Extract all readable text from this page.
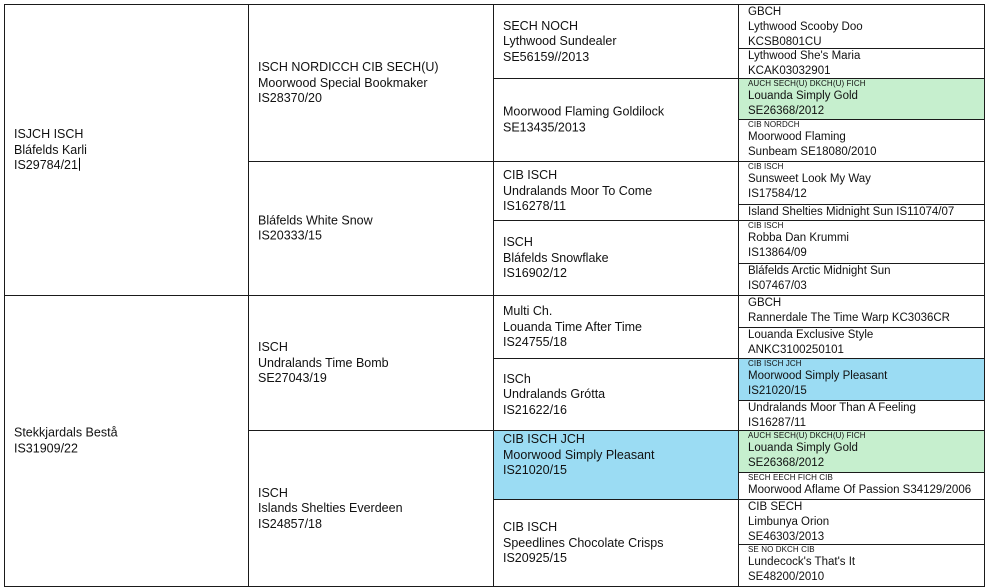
ISJCH ISCH
Bláfelds Karli
IS29784/21
Stekkjardals Bestå
IS31909/22
ISCH NORDICCH CIB SECH(U)
Moorwood Special Bookmaker
IS28370/20
Bláfelds White Snow
IS20333/15
ISCH
Undralands Time Bomb
SE27043/19
ISCH
Islands Shelties Everdeen
IS24857/18
SECH NOCH
Lythwood Sundealer
SE56159//2013
Moorwood Flaming Goldilock
SE13435/2013
CIB ISCH
Undralands Moor To Come
IS16278/11
ISCH
Bláfelds Snowflake
IS16902/12
Multi Ch.
Louanda Time After Time
IS24755/18
ISCh
Undralands Grótta
IS21622/16
CIB ISCH JCH
Moorwood Simply Pleasant
IS21020/15
CIB ISCH
Speedlines Chocolate Crisps
IS20925/15
GBCH
Lythwood Scooby Doo
KCSB0801CU
Lythwood She's Maria
KCAK03032901
AUCH SECH(U) DKCH(U) FICH
Louanda Simply Gold
SE26368/2012
CIB NORDCH
Moorwood Flaming
Sunbeam SE18080/2010
CIB ISCH
Sunsweet Look My Way
IS17584/12
Island Shelties Midnight Sun IS11074/07
CIB ISCH
Robba Dan Krummi
IS13864/09
Bláfelds Arctic Midnight Sun
IS07467/03
GBCH
Rannerdale The Time Warp KC3036CR
Louanda Exclusive Style
ANKC3100250101
CIB ISCH JCH
Moorwood Simply Pleasant
IS21020/15
Undralands Moor Than A Feeling
IS16287/11
AUCH SECH(U) DKCH(U) FICH
Louanda Simply Gold
SE26368/2012
SECH EECH FICH CIB
Moorwood Aflame Of Passion S34129/2006
CIB SECH
Limbunya Orion
SE46303/2013
SE NO DKCH CIB
Lundecock's That's It
SE48200/2010
